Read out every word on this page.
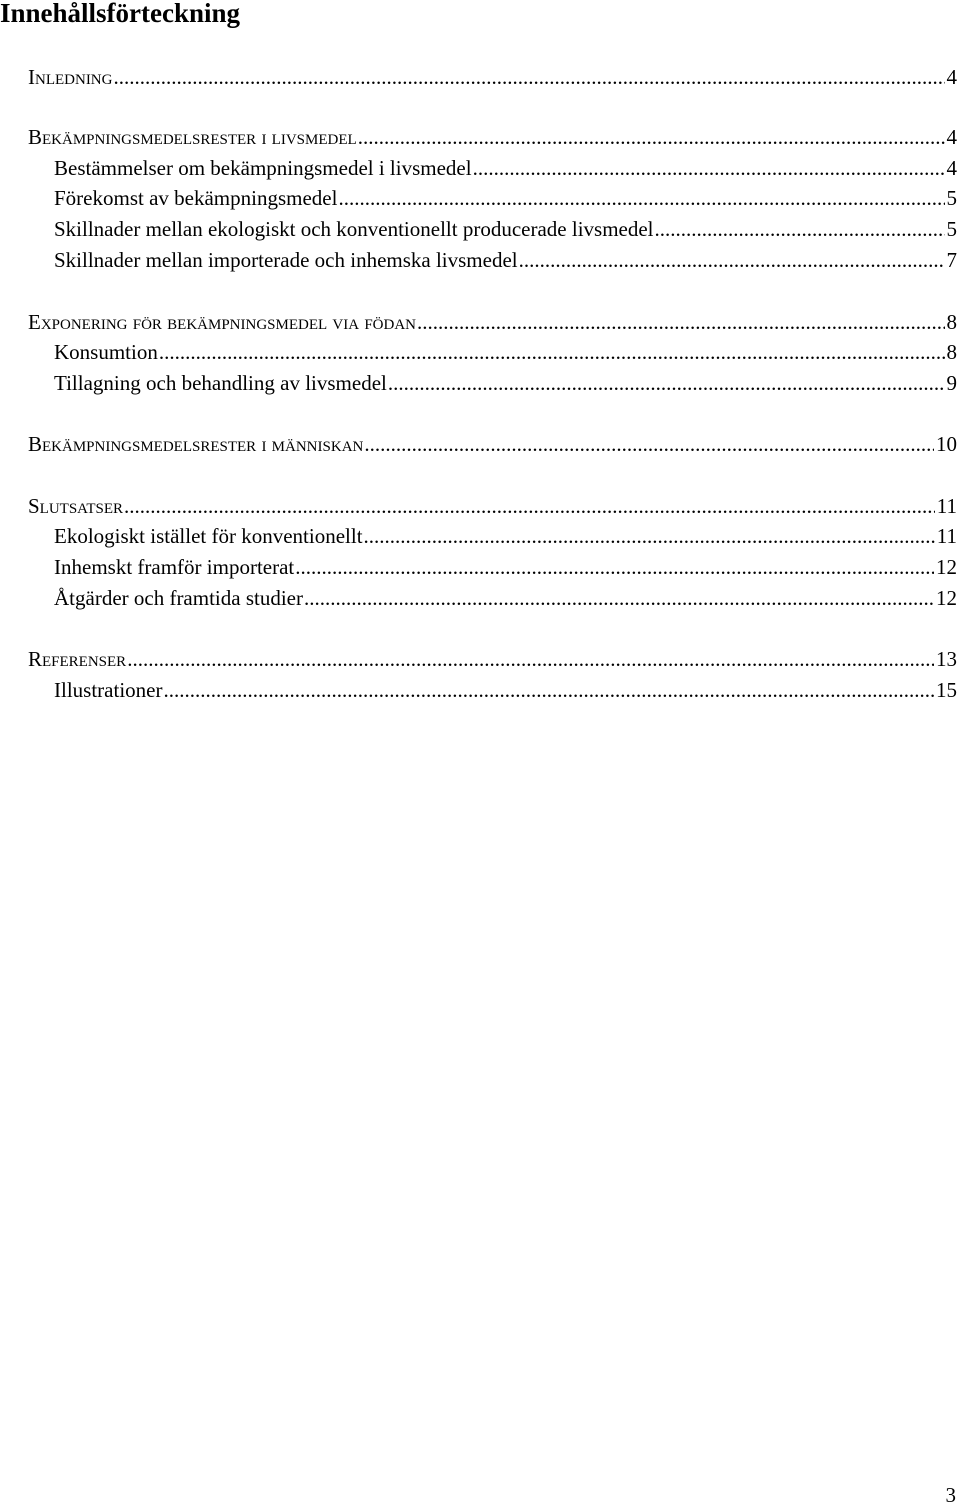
Innehållsförteckning
Inledning .....	4
Bekämpningsmedelsrester i livsmedel .....	4
Bestämmelser om bekämpningsmedel i livsmedel .....	4
Förekomst av bekämpningsmedel .....	5
Skillnader mellan ekologiskt och konventionellt producerade livsmedel .....	5
Skillnader mellan importerade och inhemska livsmedel .....	7
Exponering för bekämpningsmedel via födan .....	8
Konsumtion .....	8
Tillagning och behandling av livsmedel .....	9
Bekämpningsmedelsrester i människan .....	10
Slutsatser .....	11
Ekologiskt istället för konventionellt .....	11
Inhemskt framför importerat .....	12
Åtgärder och framtida studier .....	12
Referenser .....	13
Illustrationer .....	15
3
